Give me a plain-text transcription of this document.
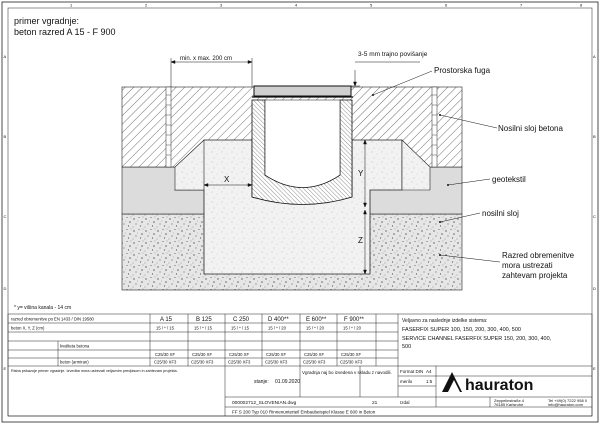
1	2	3	4	5	6	7	8
A
B
C
D
E
A
B
C
D
E
primer vgradnje:
beton razred A 15 - F 900
min. x max. 200 cm
3-5 mm trajno povišanje
X
Y
Z
Prostorska fuga
Nosilni sloj betona
geotekstil
nosilni sloj
Razred obremenitve
mora ustrezati
zahtevam projekta
* y= višina kanala - 14 cm
razred obremenitve po EN 1433 / DIN 19580	A 15	B 125	C 250	D 400**	E 600**	F 900**
beton X, Y, Z (cm)	15 / * / 15	15 / * / 15	15 / * / 15	15 / * / 20	15 / * / 20	15 / * / 20
kvaliteta betona
C25/30 XF	C25/30 XF	C25/30 XF	C25/30 XF	C25/30 XF	C25/30 XF
beton (armiran)	C25/30 XF3	C25/30 XF3	C25/30 XF3	C25/30 XF3	C25/30 XF3	C25/30 XF3
Veljavno za naslednje izdelke sistema:
FASERFIX SUPER 100, 150, 200, 300, 400, 500
SERVICE CHANNEL FASERFIX SUPER 150, 200, 300, 400,
500
Risba prikazuje primer vgradnje. Izvedba mora ustrezati veljavnim predpisom in zahtevam projekta.
stanje: 01.09.2020
Vgradnja naj bo izvedena v skladu z navodili. Format DIN A4
merilo	1:5
Izdal
000002712_SLOVENIAN.dwg	21
FF S 200 Typ 010 Rinnenunterteil Einbaubeispiel Klasse E 600 in Beton
hauraton
Zeppelinstraße 4
76185 Karlsruhe
Tel +49(0) 7222 958 0
info@hauraton.com
